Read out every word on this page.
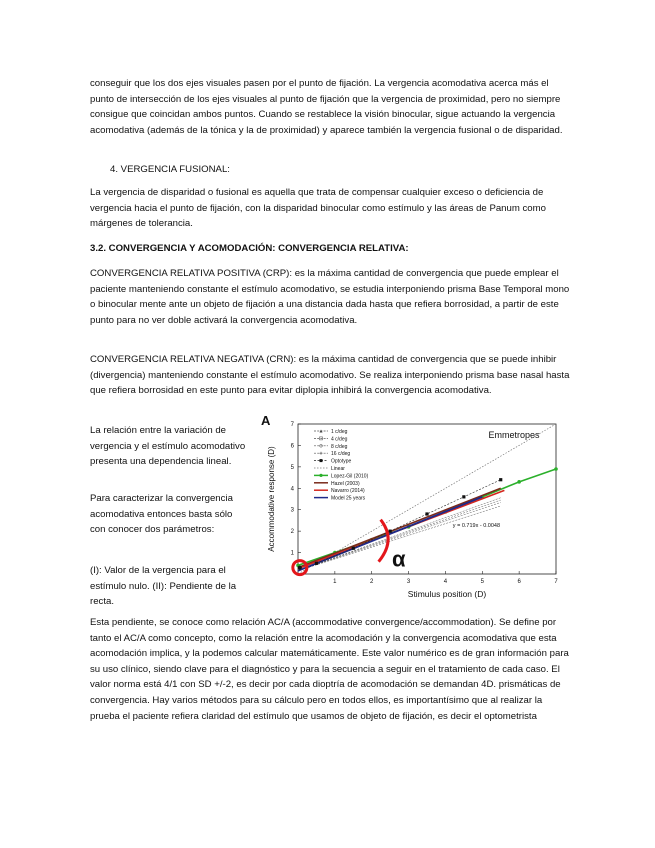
conseguir que los dos ejes visuales pasen por el punto de fijación. La vergencia acomodativa acerca más el punto de intersección de los ejes visuales al punto de fijación que la vergencia de proximidad, pero no siempre consigue que coincidan ambos puntos. Cuando se restablece la visión binocular, sigue actuando la vergencia acomodativa (además de la tónica y la de proximidad) y aparece también la vergencia fusional o de disparidad.

4. VERGENCIA FUSIONAL:

La vergencia de disparidad o fusional es aquella que trata de compensar cualquier exceso o deficiencia de vergencia hacia el punto de fijación, con la disparidad binocular como estímulo y las áreas de Panum como márgenes de tolerancia.

3.2. CONVERGENCIA Y ACOMODACIÓN: CONVERGENCIA RELATIVA:

CONVERGENCIA RELATIVA POSITIVA (CRP): es la máxima cantidad de convergencia que puede emplear el paciente manteniendo constante el estímulo acomodativo, se estudia interponiendo prisma Base Temporal mono o binocular mente ante un objeto de fijación a una distancia dada hasta que refiera borrosidad, a partir de este punto para no ver doble activará la convergencia acomodativa.

CONVERGENCIA RELATIVA NEGATIVA (CRN): es la máxima cantidad de convergencia que se puede inhibir (divergencia) manteniendo constante el estímulo acomodativo. Se realiza interponiendo prisma base nasal hasta que refiera borrosidad en este punto para evitar diplopia inhibirá la convergencia acomodativa.

La relación entre la variación de vergencia y el estímulo acomodativo presenta una dependencia lineal.

Para caracterizar la convergencia acomodativa entonces basta sólo con conocer dos parámetros:

(I): Valor de la vergencia para el estímulo nulo. (II): Pendiente de la recta.

Esta pendiente, se conoce como relación AC/A (accommodative convergence/accommodation). Se define por tanto el AC/A como concepto, como la relación entre la acomodación y la convergencia acomodativa que esta acomodación implica, y la podemos calcular matemáticamente. Este valor numérico es de gran información para su uso clínico, siendo clave para el diagnóstico y para la secuencia a seguir en el tratamiento de cada caso. El valor norma está 4/1 con SD +/-2, es decir por cada dioptría de acomodación se demandan 4D. prismáticas de convergencia. Hay varios métodos para su cálculo pero en todos ellos, es importantísimo que al realizar la prueba el paciente refiera claridad del estímulo que usamos de objeto de fijación, es decir el optometrista

A
Accommodative response (D)
Stimulus position (D)
Emmetropes
y = 0.719x - 0.0048
α
1	2	3	4	5	6	7
1
2
3
4
5
6
7
1 c/deg
4 c/deg
8 c/deg
16 c/deg
Optotype
Linear
Lopez-Gil (2010)
Hazel (2003)
Navarro (2014)
Model 25 years
